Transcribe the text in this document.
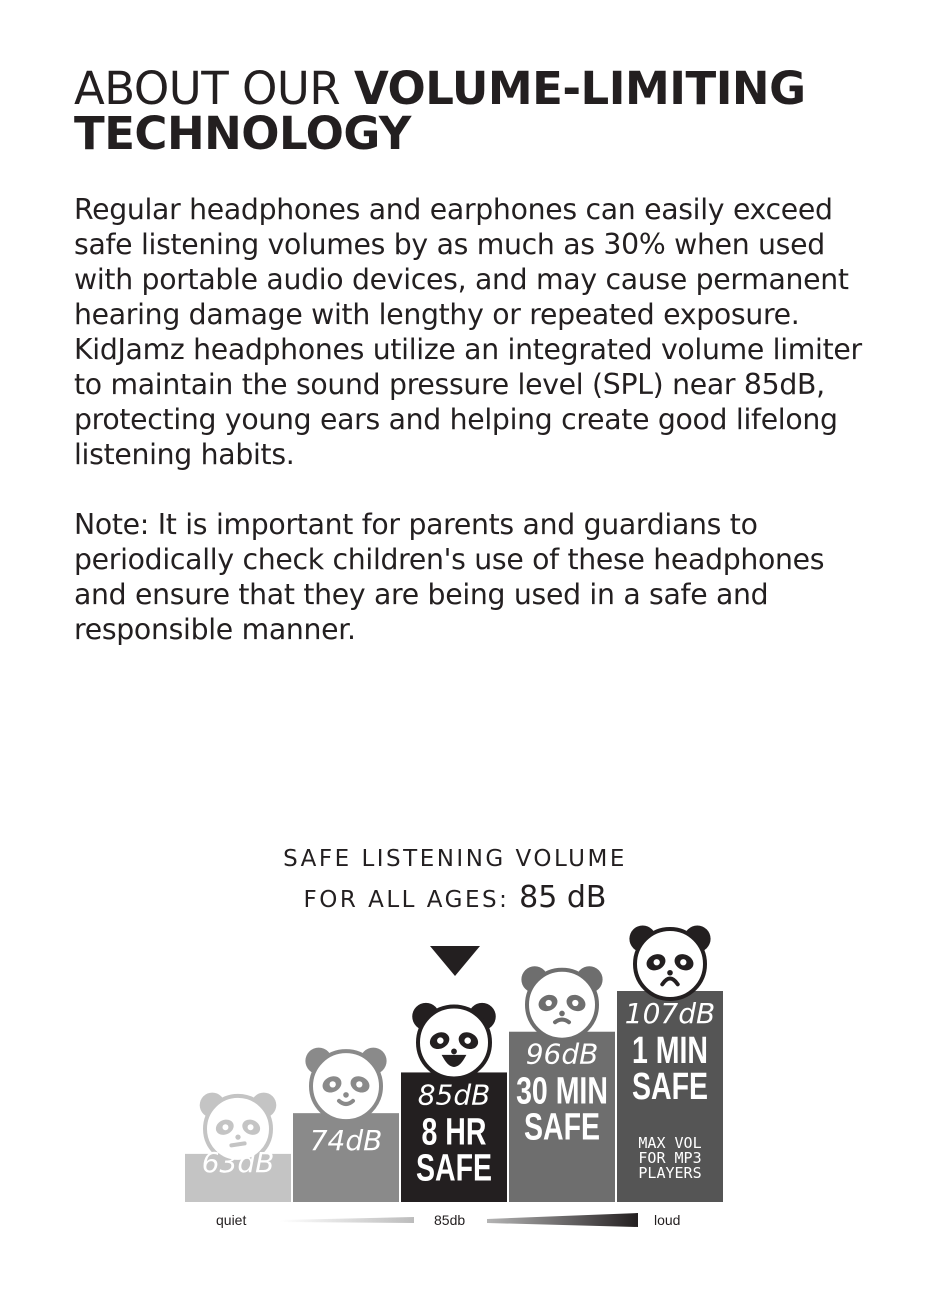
ABOUT OUR VOLUME-LIMITING
TECHNOLOGY

Regular headphones and earphones can easily exceed safe listening volumes by as much as 30% when used with portable audio devices, and may cause permanent hearing damage with lengthy or repeated exposure. KidJamz headphones utilize an integrated volume limiter to maintain the sound pressure level (SPL) near 85dB, protecting young ears and helping create good lifelong listening habits.

Note: It is important for parents and guardians to periodically check children's use of these headphones and ensure that they are being used in a safe and responsible manner.

SAFE LISTENING VOLUME
FOR ALL AGES: 85 dB
63dB
74dB
85dB
96dB
107dB
8 HR
SAFE
30 MIN
SAFE
1 MIN
SAFE
MAX VOL
FOR MP3
PLAYERS
quiet	85db	loud
